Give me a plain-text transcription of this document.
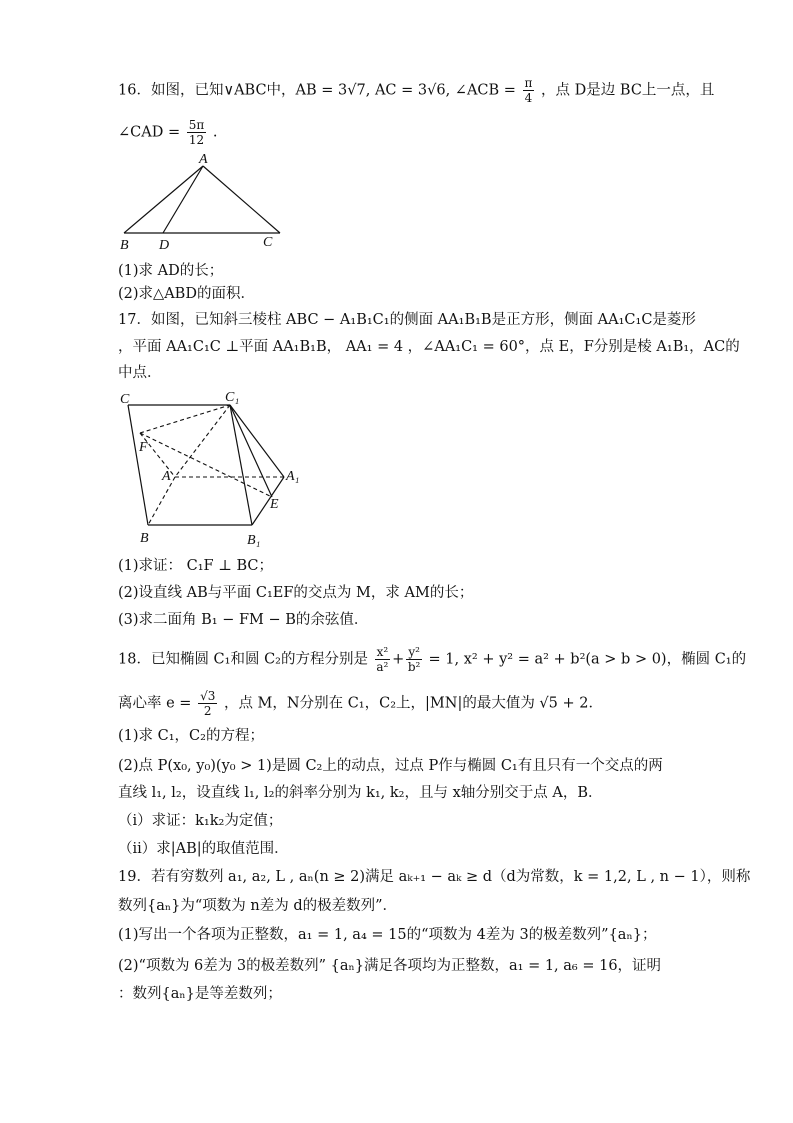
16．如图，已知∨ABC中，AB = 3√7, AC = 3√6, ∠ACB = $\frac{\pi}{4}$ ，点 D是边 BC上一点，且
∠CAD = $\frac{5\pi}{12}$ .
A
B D	C
(1)求 AD的长；
(2)求△ABD的面积．
17．如图，已知斜三棱柱 ABC − A₁B₁C₁的侧面 AA₁B₁B是正方形，侧面 AA₁C₁C是菱形
，平面 AA₁C₁C ⊥平面 AA₁B₁B， AA₁ = 4 ，∠AA₁C₁ = 60°，点 E，F分别是棱 A₁B₁，AC的
中点．
C	C₁
F
A	A₁
E
B	B₁
(1)求证： C₁F ⊥ BC；
(2)设直线 AB与平面 C₁EF的交点为 M，求 AM的长；
(3)求二面角 B₁ − FM − B的余弦值．
18．已知椭圆 C₁和圆 C₂的方程分别是 $\frac{\text{x²}}{\text{a²}} + \frac{\text{y²}}{\text{b²}} = 1$, x² + y² = a² + b²(a > b > 0)，椭圆 C₁的
离心率 $e = \frac{√3}{2}$ ，点 M，N分别在 C₁，C₂上，|MN|的最大值为 √5 + 2．
(1)求 C₁，C₂的方程；
(2)点 P(x₀, y₀)(y₀ > 1)是圆 C₂上的动点，过点 P作与椭圆 C₁有且只有一个交点的两
直线 l₁, l₂，设直线 l₁, l₂的斜率分别为 k₁, k₂，且与 x轴分别交于点 A，B．
（i）求证：k₁k₂为定值；
（ii）求|AB|的取值范围．
19．若有穷数列 a₁, a₂, L , aₙ(n ≥ 2)满足 aₖ₊₁ − aₖ ≥ d（d为常数，k = 1,2, L , n − 1），则称
数列{aₙ}为“项数为 n差为 d的极差数列”．
(1)写出一个各项为正整数，a₁ = 1, a₄ = 15的“项数为 4差为 3的极差数列”{aₙ}；
(2)“项数为 6差为 3的极差数列” {aₙ}满足各项均为正整数，a₁ = 1, a₆ = 16，证明
：数列{aₙ}是等差数列；
